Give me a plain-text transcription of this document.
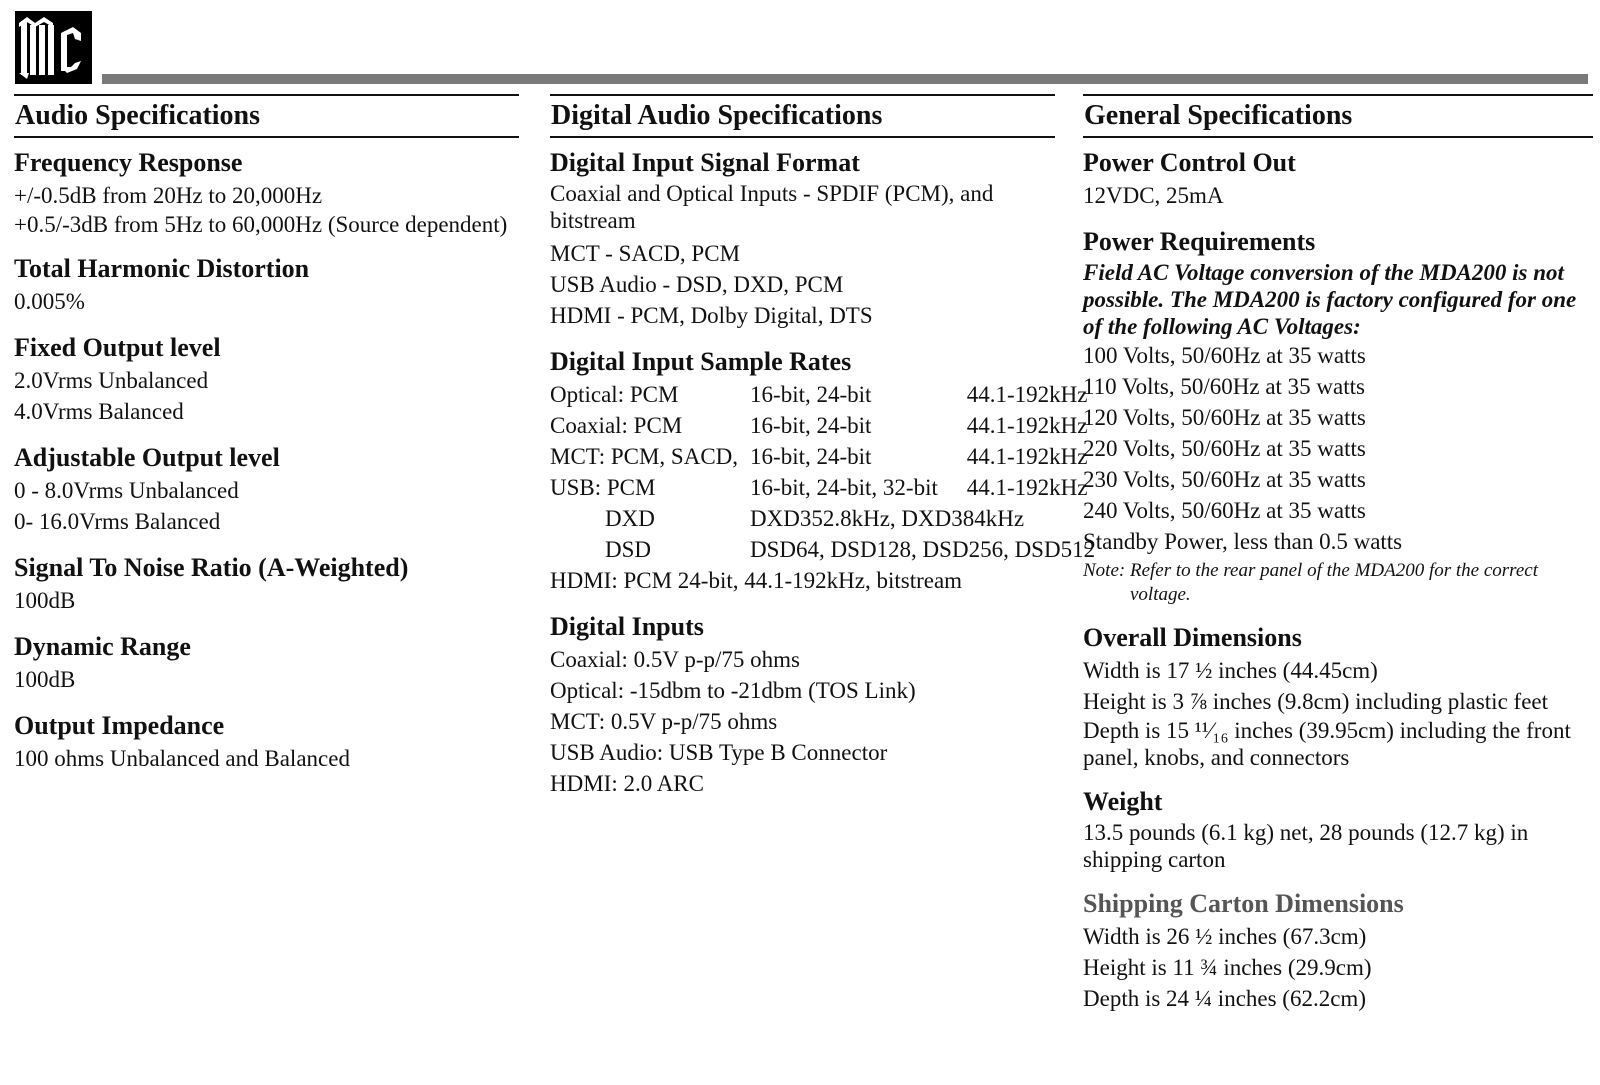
Audio Specifications
Frequency Response
+/-0.5dB from 20Hz to 20,000Hz
+0.5/-3dB from 5Hz to 60,000Hz (Source dependent)
Total Harmonic Distortion
0.005%
Fixed Output level
2.0Vrms Unbalanced
4.0Vrms Balanced
Adjustable Output level
0 - 8.0Vrms Unbalanced
0- 16.0Vrms Balanced
Signal To Noise Ratio (A-Weighted)
100dB
Dynamic Range
100dB
Output Impedance
100 ohms Unbalanced and Balanced
Digital Audio Specifications
Digital Input Signal Format
Coaxial and Optical Inputs - SPDIF (PCM), and bitstream
MCT - SACD, PCM
USB Audio - DSD, DXD, PCM
HDMI - PCM, Dolby Digital, DTS
Digital Input Sample Rates
Optical: PCM	16-bit, 24-bit	44.1-192kHz
Coaxial: PCM	16-bit, 24-bit	44.1-192kHz
MCT: PCM, SACD,	16-bit, 24-bit	44.1-192kHz
USB: PCM	16-bit, 24-bit, 32-bit	44.1-192kHz
DXD	DXD352.8kHz, DXD384kHz	
DSD	DSD64, DSD128, DSD256, DSD512	
HDMI: PCM 24-bit, 44.1-192kHz, bitstream
Digital Inputs
Coaxial: 0.5V p-p/75 ohms
Optical: -15dbm to -21dbm (TOS Link)
MCT: 0.5V p-p/75 ohms
USB Audio: USB Type B Connector
HDMI: 2.0 ARC
General Specifications
Power Control Out
12VDC, 25mA
Power Requirements
Field AC Voltage conversion of the MDA200 is not possible. The MDA200 is factory configured for one of the following AC Voltages:
100 Volts, 50/60Hz at 35 watts
110 Volts, 50/60Hz at 35 watts
120 Volts, 50/60Hz at 35 watts
220 Volts, 50/60Hz at 35 watts
230 Volts, 50/60Hz at 35 watts
240 Volts, 50/60Hz at 35 watts
Standby Power, less than 0.5 watts
Note: Refer to the rear panel of the MDA200 for the correct voltage.
Overall Dimensions
Width is 17 ½ inches (44.45cm)
Height is 3 ⅞ inches (9.8cm) including plastic feet
Depth is 15 ¹¹⁄₁₆ inches (39.95cm) including the front panel, knobs, and connectors
Weight
13.5 pounds (6.1 kg) net, 28 pounds (12.7 kg) in shipping carton
Shipping Carton Dimensions
Width is 26 ½ inches (67.3cm)
Height is 11 ¾ inches (29.9cm)
Depth is 24 ¼ inches (62.2cm)
